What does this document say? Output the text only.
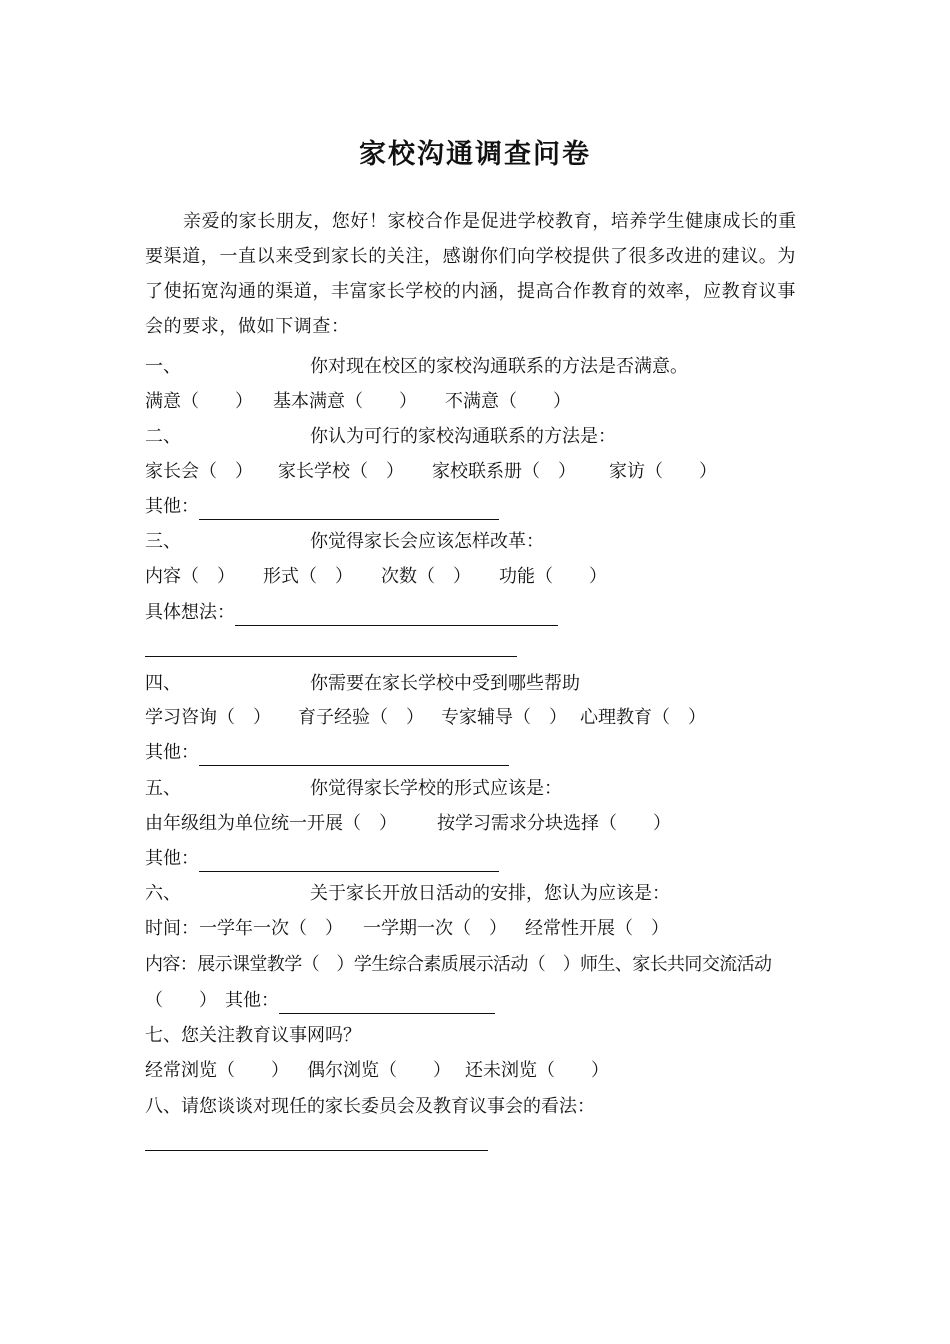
家校沟通调查问卷
亲爱的家长朋友，您好！家校合作是促进学校教育，培养学生健康成长的重要渠道，一直以来受到家长的关注，感谢你们向学校提供了很多改进的建议。为了使拓宽沟通的渠道，丰富家长学校的内涵，提高合作教育的效率，应教育议事会的要求，做如下调查：
一、	你对现在校区的家校沟通联系的方法是否满意。
满意（　　） 基本满意（　　） 不满意（　　）
二、	你认为可行的家校沟通联系的方法是：
家长会（　） 家长学校（　） 家校联系册（　） 家访（　　）
其他：
三、	你觉得家长会应该怎样改革：
内容（　） 形式（　） 次数（　） 功能（　　）
具体想法：
四、	你需要在家长学校中受到哪些帮助
学习咨询（　） 育子经验（　） 专家辅导（　） 心理教育（　）
其他：
五、	你觉得家长学校的形式应该是：
由年级组为单位统一开展（　） 按学习需求分块选择（　　）
其他：
六、	关于家长开放日活动的安排，您认为应该是：
时间：一学年一次（　） 一学期一次（　） 经常性开展（　）
内容：展示课堂教学（　）学生综合素质展示活动（　）师生、家长共同交流活动
（　　） 其他：
七、您关注教育议事网吗？
经常浏览（　　） 偶尔浏览（　　） 还未浏览（　　）
八、请您谈谈对现任的家长委员会及教育议事会的看法：
